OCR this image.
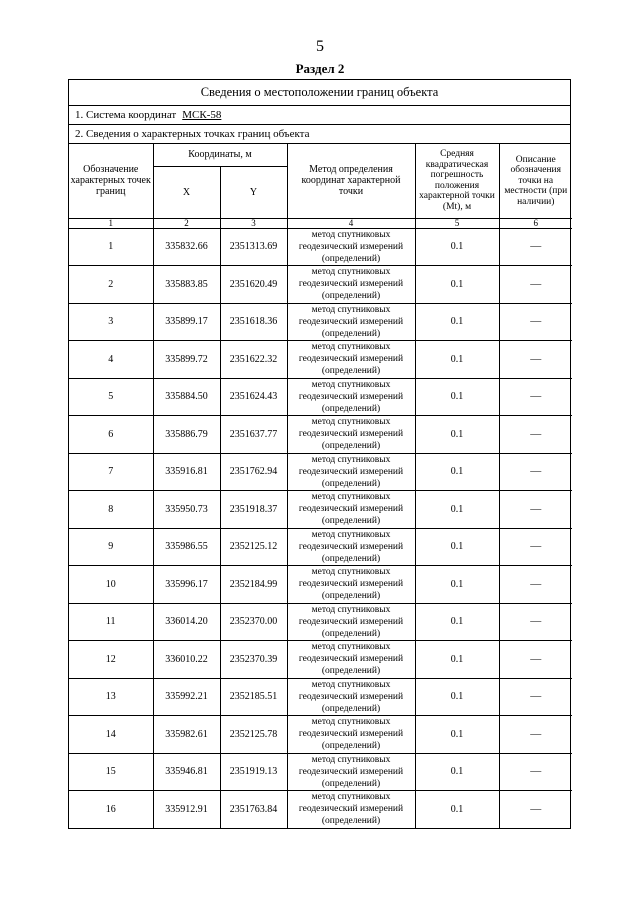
5
Раздел 2
Сведения о местоположении границ объекта
1. Система координат МСК-58
2. Сведения о характерных точках границ объекта
Обозначение характерных точек границ	Координаты, м		Метод определения координат характерной точки	Средняя квадратическая погрешность положения характерной точки (Mt), м	Описание обозначения точки на местности (при наличии)
	X	Y			
1	2	3	4	5	6
1	335832.66	2351313.69	метод спутниковых геодезический измерений (определений)	0.1	—
2	335883.85	2351620.49	метод спутниковых геодезический измерений (определений)	0.1	—
3	335899.17	2351618.36	метод спутниковых геодезический измерений (определений)	0.1	—
4	335899.72	2351622.32	метод спутниковых геодезический измерений (определений)	0.1	—
5	335884.50	2351624.43	метод спутниковых геодезический измерений (определений)	0.1	—
6	335886.79	2351637.77	метод спутниковых геодезический измерений (определений)	0.1	—
7	335916.81	2351762.94	метод спутниковых геодезический измерений (определений)	0.1	—
8	335950.73	2351918.37	метод спутниковых геодезический измерений (определений)	0.1	—
9	335986.55	2352125.12	метод спутниковых геодезический измерений (определений)	0.1	—
10	335996.17	2352184.99	метод спутниковых геодезический измерений (определений)	0.1	—
11	336014.20	2352370.00	метод спутниковых геодезический измерений (определений)	0.1	—
12	336010.22	2352370.39	метод спутниковых геодезический измерений (определений)	0.1	—
13	335992.21	2352185.51	метод спутниковых геодезический измерений (определений)	0.1	—
14	335982.61	2352125.78	метод спутниковых геодезический измерений (определений)	0.1	—
15	335946.81	2351919.13	метод спутниковых геодезический измерений (определений)	0.1	—
16	335912.91	2351763.84	метод спутниковых геодезический измерений (определений)	0.1	—
